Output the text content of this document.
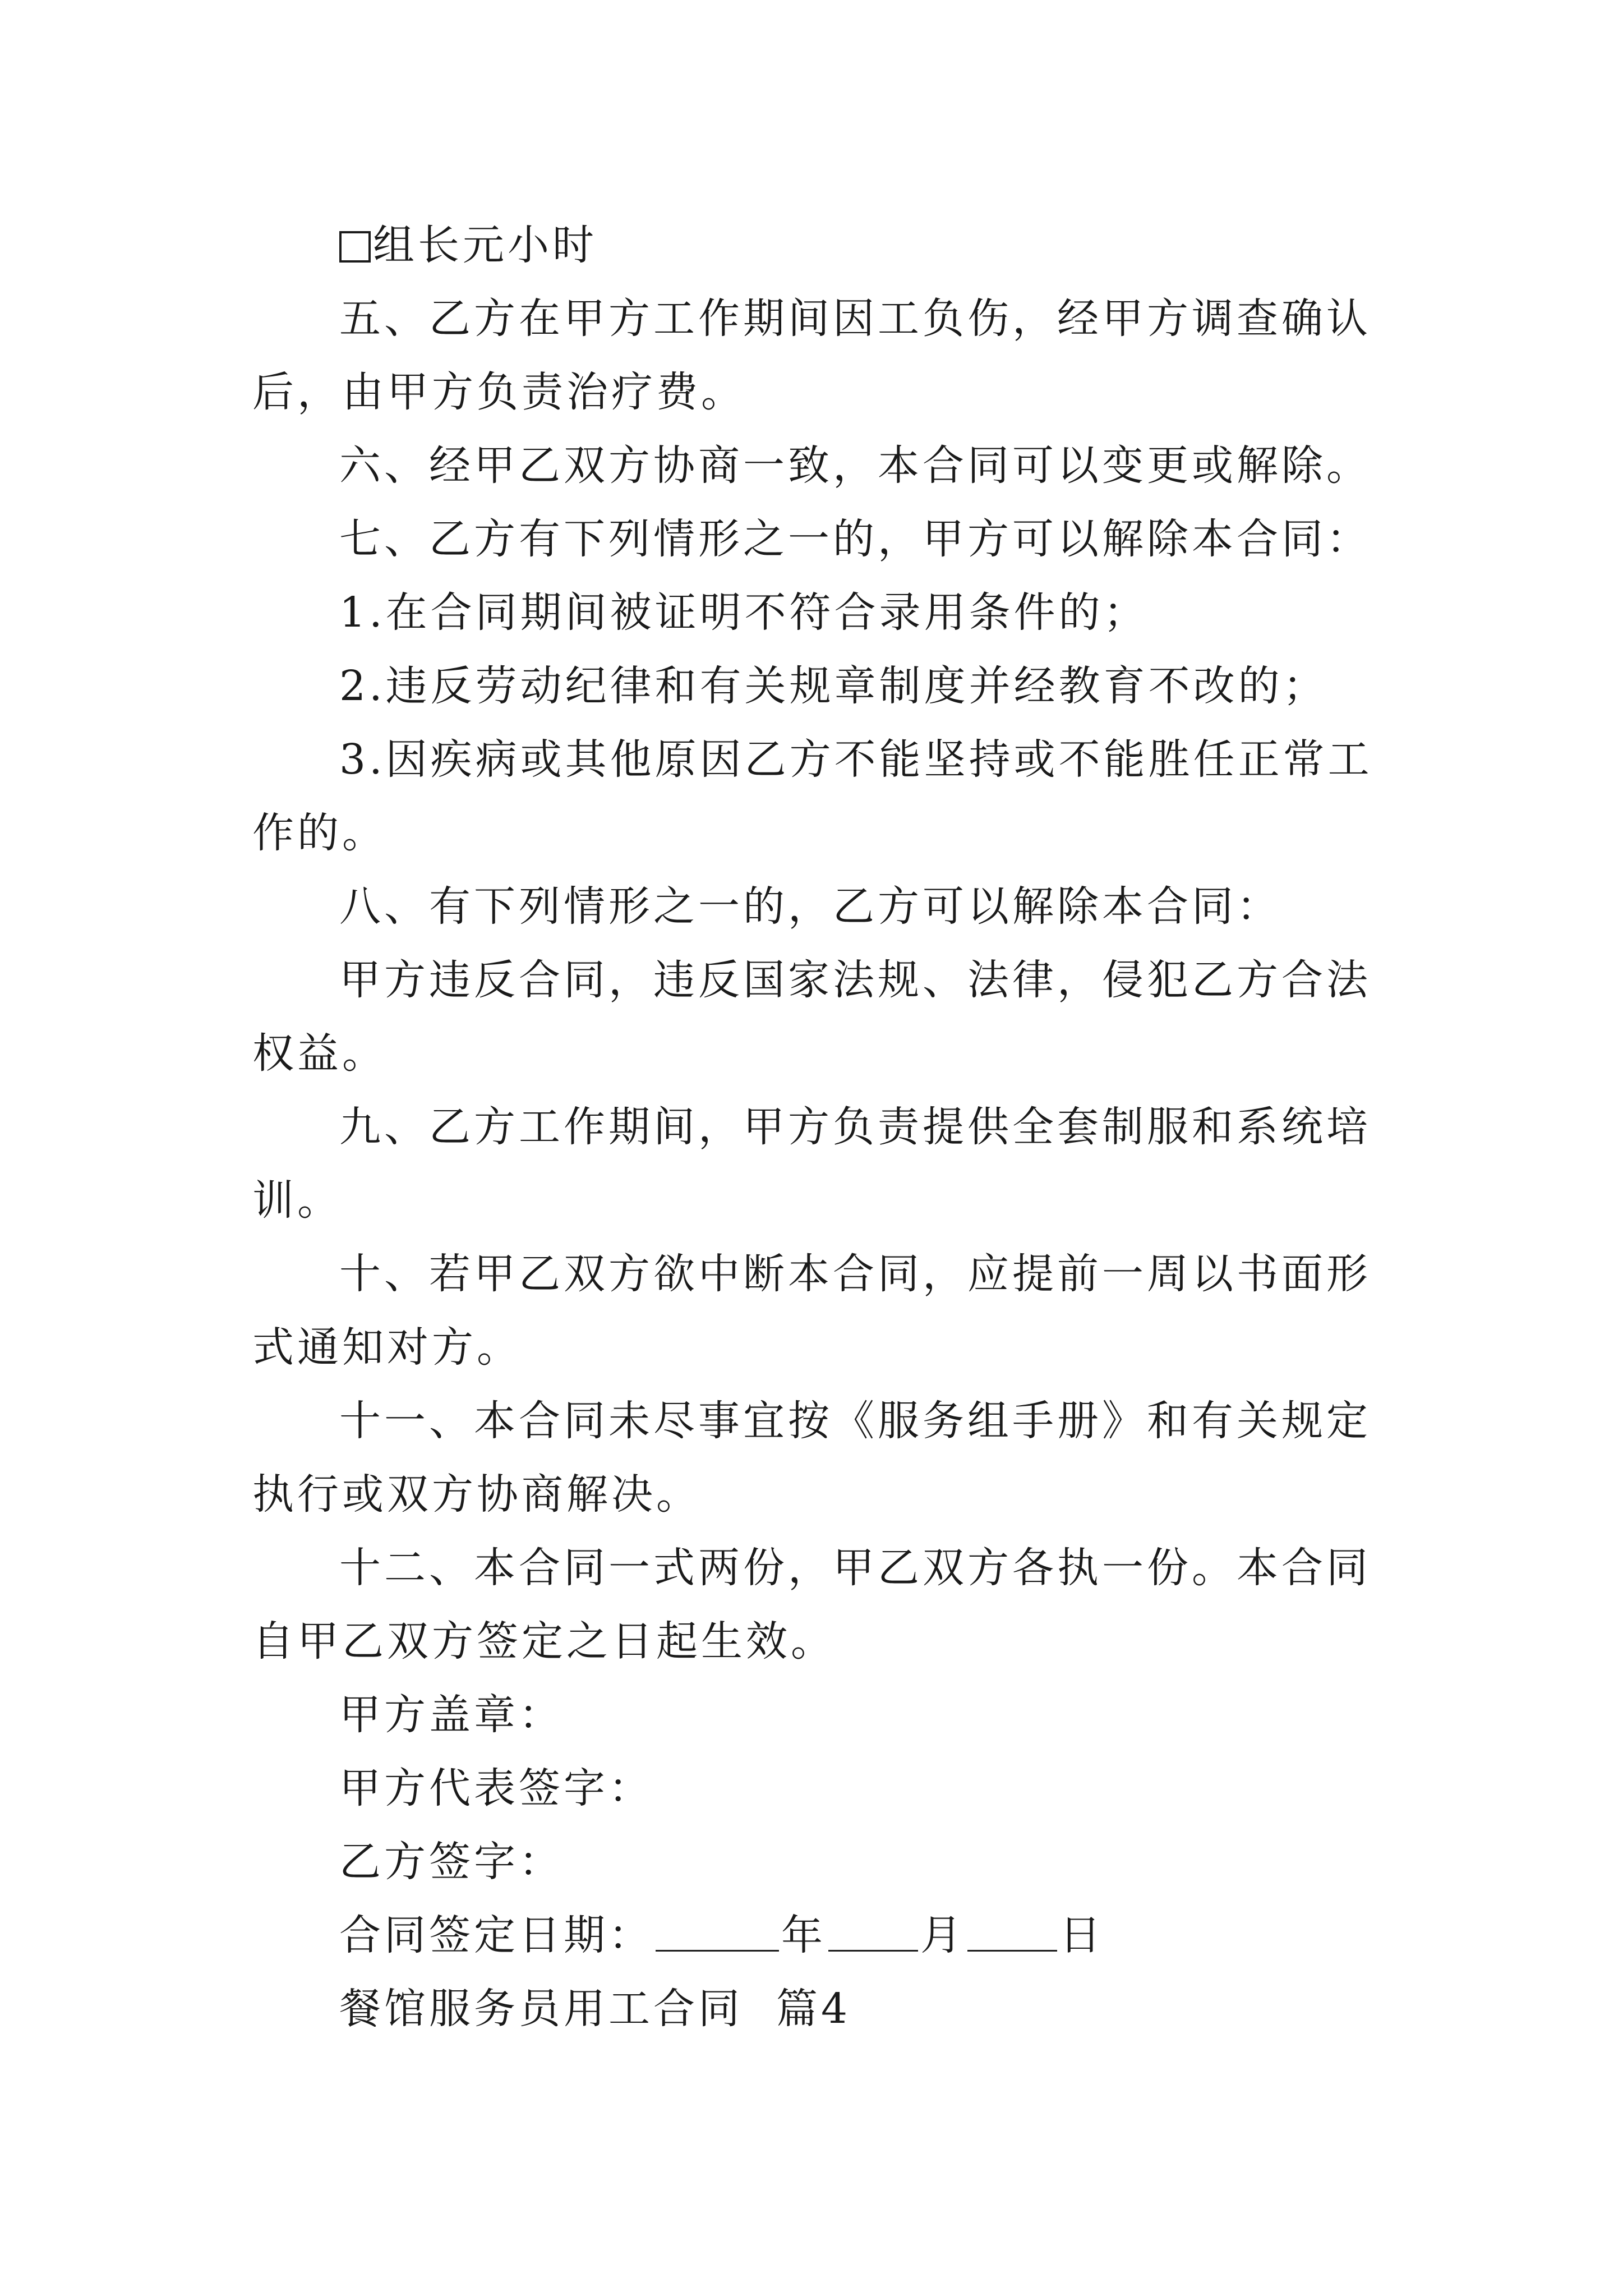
组长元小时

五、乙方在甲方工作期间因工负伤，经甲方调查确认后，由甲方负责治疗费。

六、经甲乙双方协商一致，本合同可以变更或解除。

七、乙方有下列情形之一的，甲方可以解除本合同：

1.在合同期间被证明不符合录用条件的；

2.违反劳动纪律和有关规章制度并经教育不改的；

3.因疾病或其他原因乙方不能坚持或不能胜任正常工作的。

八、有下列情形之一的，乙方可以解除本合同：

甲方违反合同，违反国家法规、法律，侵犯乙方合法权益。

九、乙方工作期间，甲方负责提供全套制服和系统培训。

十、若甲乙双方欲中断本合同，应提前一周以书面形式通知对方。

十一、本合同未尽事宜按《服务组手册》和有关规定执行或双方协商解决。

十二、本合同一式两份，甲乙双方各执一份。本合同自甲乙双方签定之日起生效。

甲方盖章：

甲方代表签字：

乙方签字：

合同签定日期：	年 月 日

餐馆服务员用工合同  篇4
